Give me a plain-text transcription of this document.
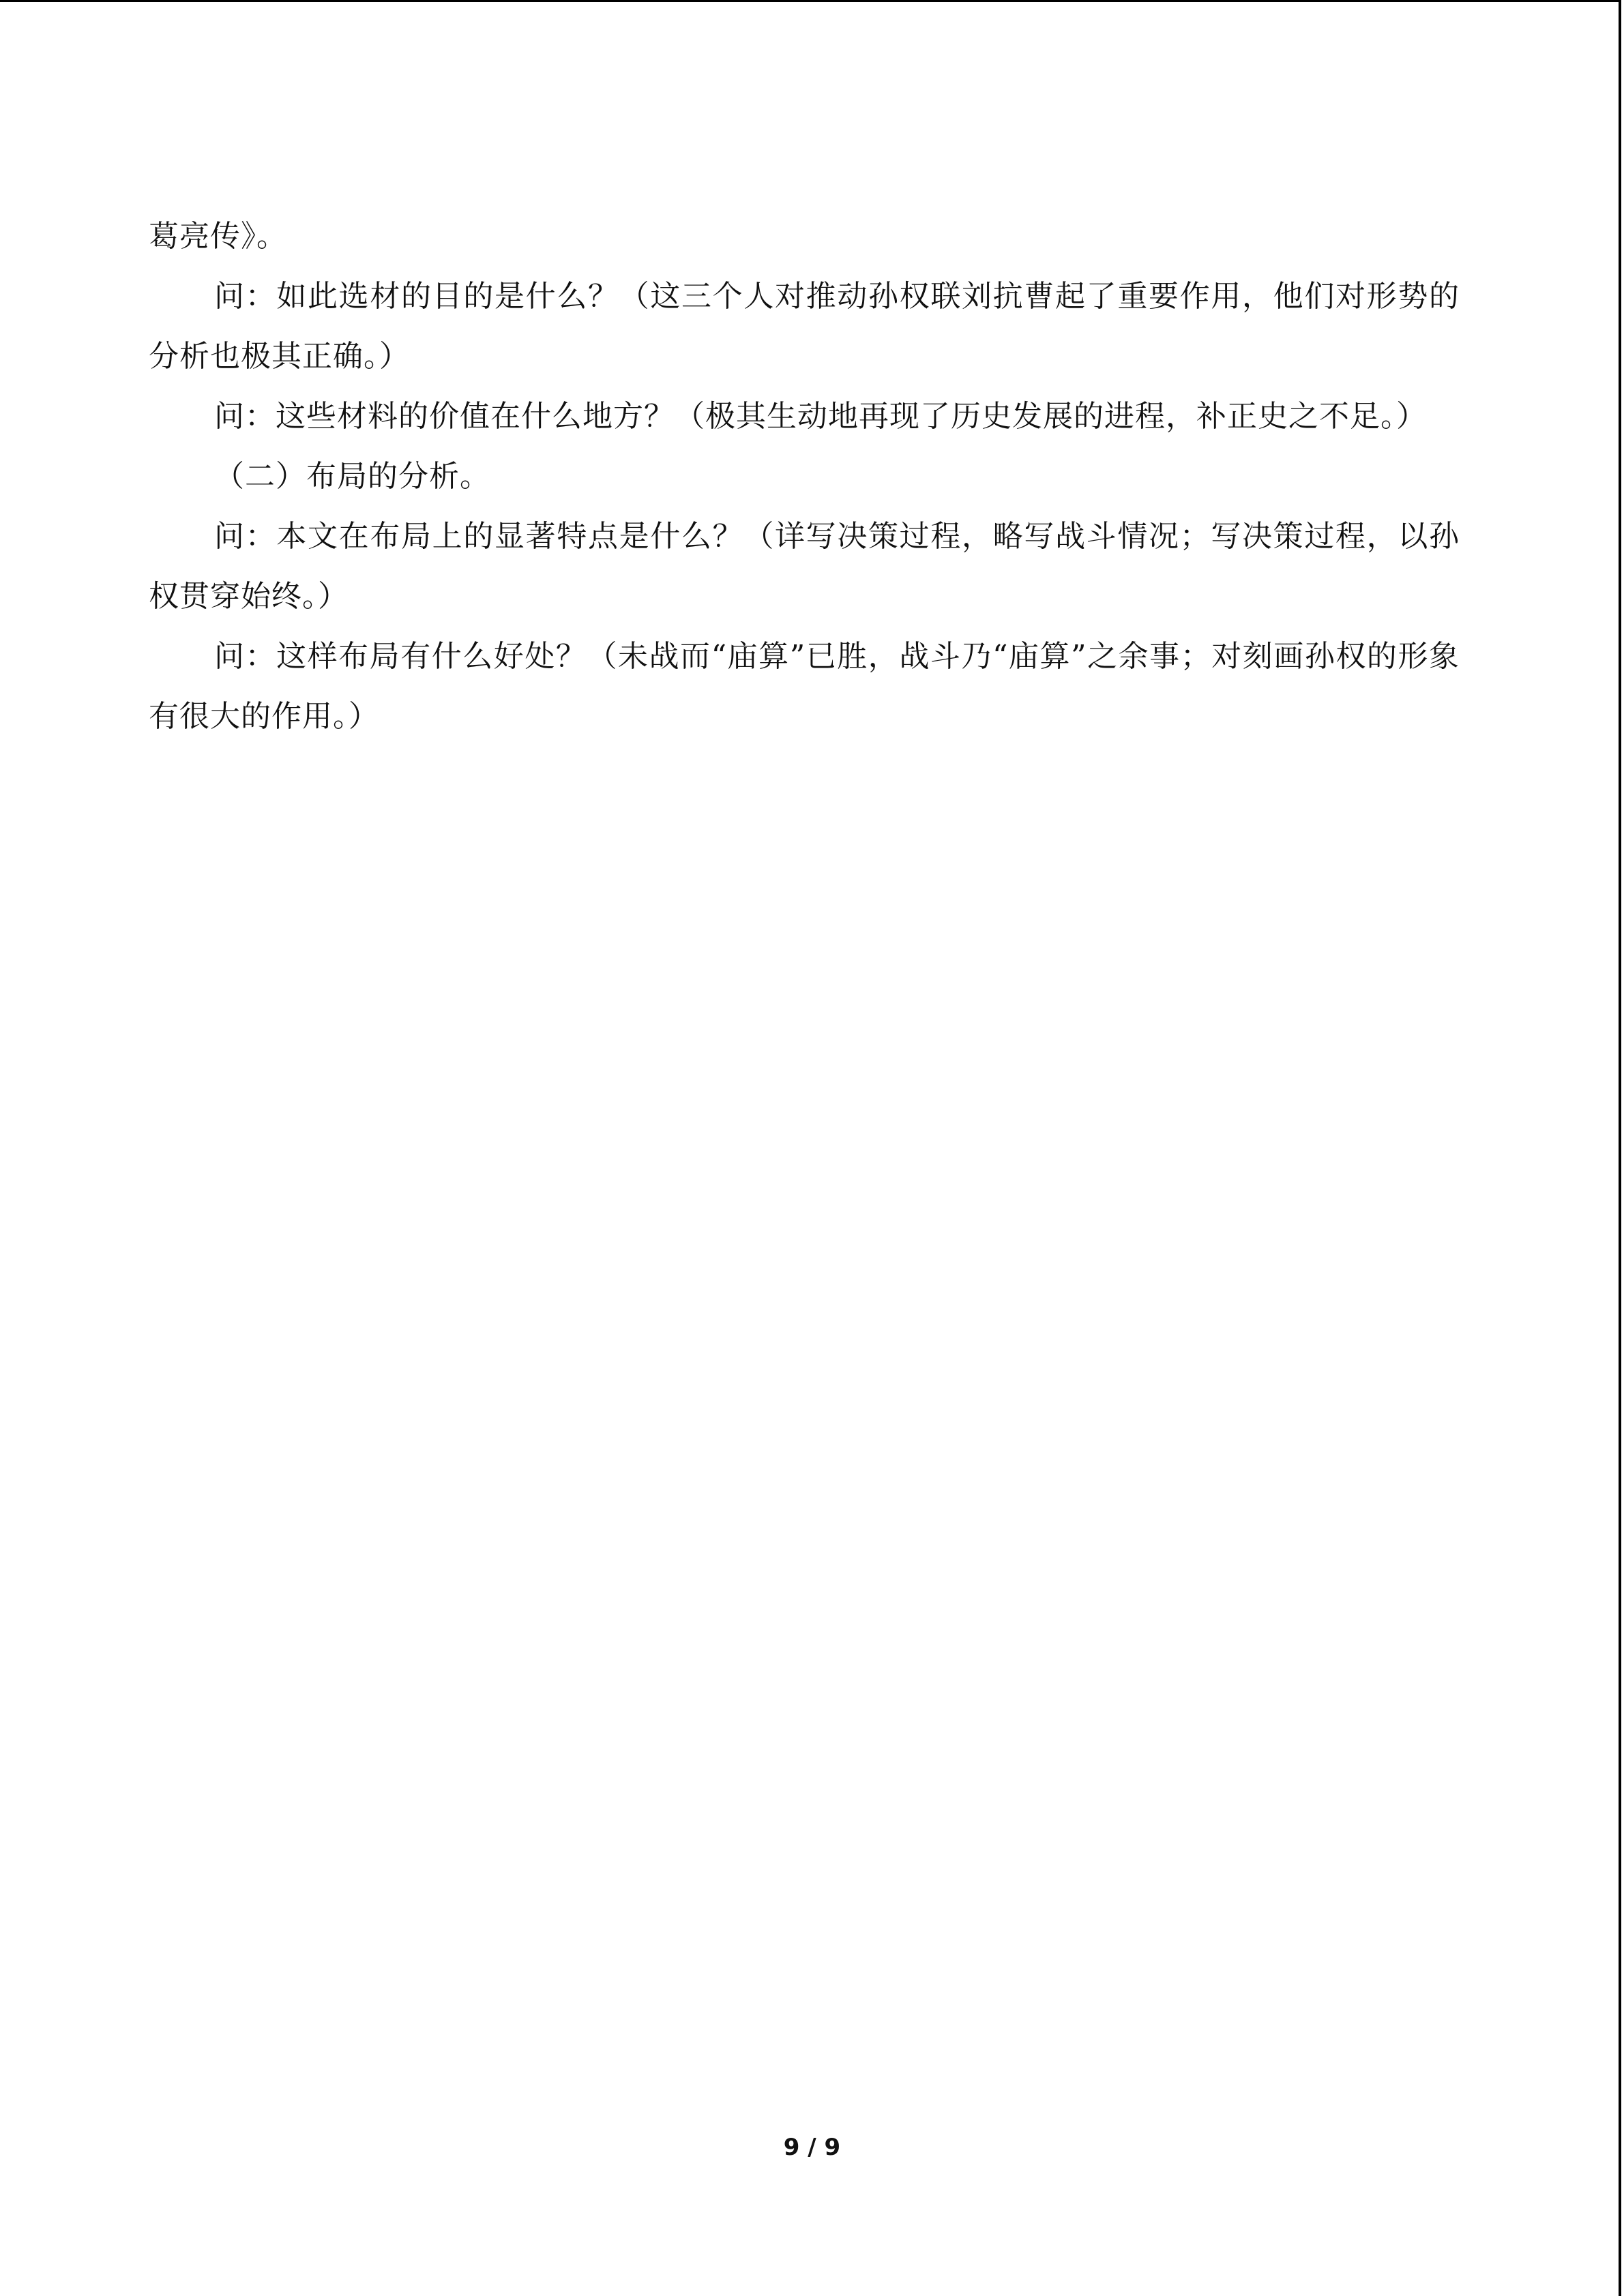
葛亮传》。

问：如此选材的目的是什么？（这三个人对推动孙权联刘抗曹起了重要作用，他们对形势的分析也极其正确。）

问：这些材料的价值在什么地方？（极其生动地再现了历史发展的进程，补正史之不足。）

（二）布局的分析。

问：本文在布局上的显著特点是什么？（详写决策过程，略写战斗情况；写决策过程，以孙权贯穿始终。）

问：这样布局有什么好处？（未战而“庙算”已胜，战斗乃“庙算”之余事；对刻画孙权的形象有很大的作用。）

9 / 9
